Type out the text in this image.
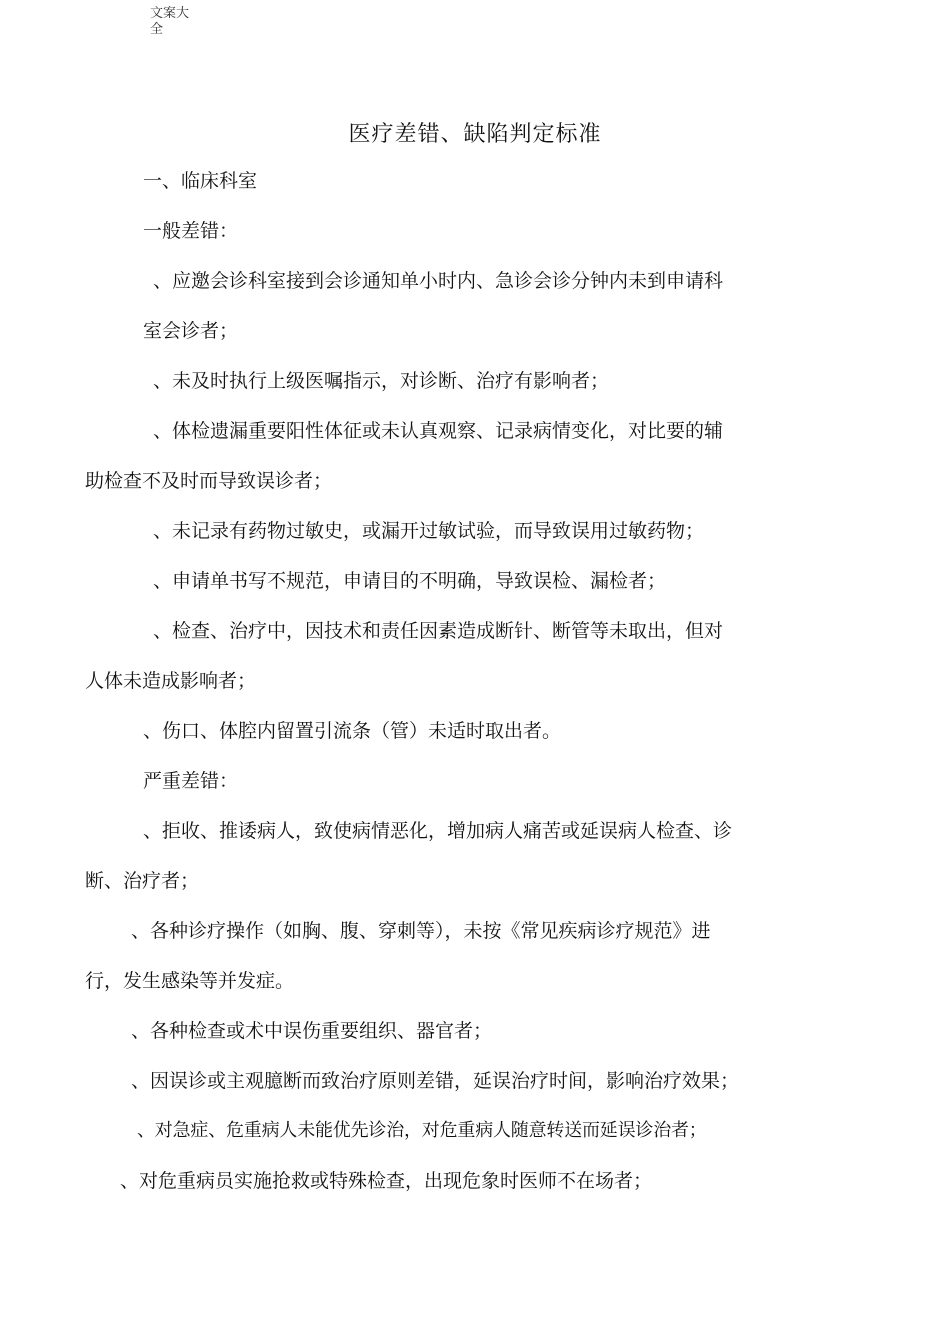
文案大全
医疗差错、缺陷判定标准
一、临床科室
一般差错：
、应邀会诊科室接到会诊通知单小时内、急诊会诊分钟内未到申请科
室会诊者；
、未及时执行上级医嘱指示，对诊断、治疗有影响者；
、体检遗漏重要阳性体征或未认真观察、记录病情变化，对比要的辅
助检查不及时而导致误诊者；
、未记录有药物过敏史，或漏开过敏试验，而导致误用过敏药物；
、申请单书写不规范，申请目的不明确，导致误检、漏检者；
、检查、治疗中，因技术和责任因素造成断针、断管等未取出，但对
人体未造成影响者；
、伤口、体腔内留置引流条（管）未适时取出者。
严重差错：
、拒收、推诿病人，致使病情恶化，增加病人痛苦或延误病人检查、诊
断、治疗者；
、各种诊疗操作（如胸、腹、穿刺等），未按《常见疾病诊疗规范》进
行，发生感染等并发症。
、各种检查或术中误伤重要组织、器官者；
、因误诊或主观臆断而致治疗原则差错，延误治疗时间，影响治疗效果；
、对急症、危重病人未能优先诊治，对危重病人随意转送而延误诊治者；
、对危重病员实施抢救或特殊检查，出现危象时医师不在场者；
